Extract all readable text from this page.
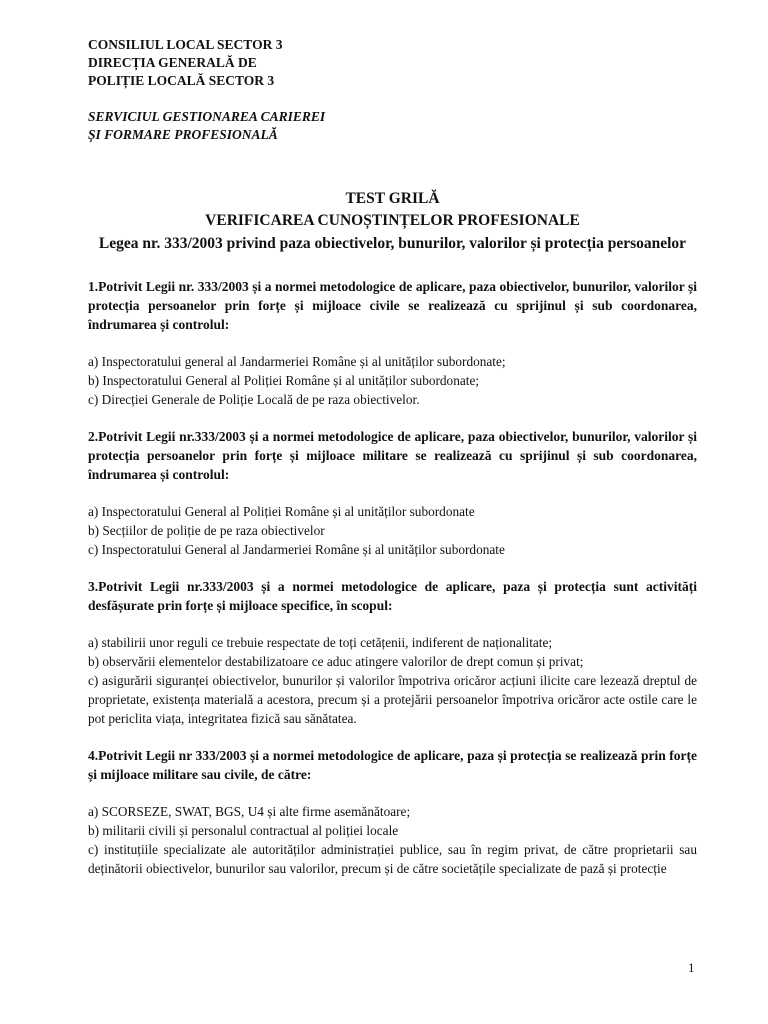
CONSILIUL LOCAL SECTOR 3
DIRECȚIA GENERALĂ DE
POLIȚIE LOCALĂ SECTOR 3
SERVICIUL GESTIONAREA CARIEREI
ȘI FORMARE PROFESIONALĂ
TEST GRILĂ
VERIFICAREA CUNOȘTINȚELOR PROFESIONALE
Legea nr. 333/2003 privind paza obiectivelor, bunurilor, valorilor și protecția persoanelor
1.Potrivit Legii nr. 333/2003 și a normei metodologice de aplicare, paza obiectivelor, bunurilor, valorilor și protecția persoanelor prin forțe și mijloace civile se realizează cu sprijinul și sub coordonarea, îndrumarea și controlul:
a) Inspectoratului general al Jandarmeriei Române și al unităților subordonate;
b) Inspectoratului General al Poliției Române și al unităților subordonate;
c) Direcției Generale de Poliție Locală de pe raza obiectivelor.
2.Potrivit Legii nr.333/2003 și a normei metodologice de aplicare, paza obiectivelor, bunurilor, valorilor și protecția persoanelor prin forțe și mijloace militare se realizează cu sprijinul și sub coordonarea, îndrumarea și controlul:
a) Inspectoratului General al Poliției Române și al unităților subordonate
b) Secțiilor de poliție de pe raza obiectivelor
c) Inspectoratului General al Jandarmeriei Române și al unităților subordonate
3.Potrivit Legii nr.333/2003 și a normei metodologice de aplicare, paza și protecția sunt activități desfășurate prin forțe și mijloace specifice, în scopul:
a) stabilirii unor reguli ce trebuie respectate de toți cetățenii, indiferent de naționalitate;
b) observării elementelor destabilizatoare ce aduc atingere valorilor de drept comun și privat;
c) asigurării siguranței obiectivelor, bunurilor și valorilor împotriva oricăror acțiuni ilicite care lezează dreptul de proprietate, existența materială a acestora, precum și a protejării persoanelor împotriva oricăror acte ostile care le pot periclita viața, integritatea fizică sau sănătatea.
4.Potrivit Legii nr 333/2003 și a normei metodologice de aplicare, paza și protecția se realizează prin forțe și mijloace militare sau civile, de către:
a) SCORSEZE, SWAT, BGS, U4 și alte firme asemănătoare;
b) militarii civili și personalul contractual al poliției locale
c) instituțiile specializate ale autorităților administrației publice, sau în regim privat, de către proprietarii sau deținătorii obiectivelor, bunurilor sau valorilor, precum și de către societățile specializate de pază și protecție
1
